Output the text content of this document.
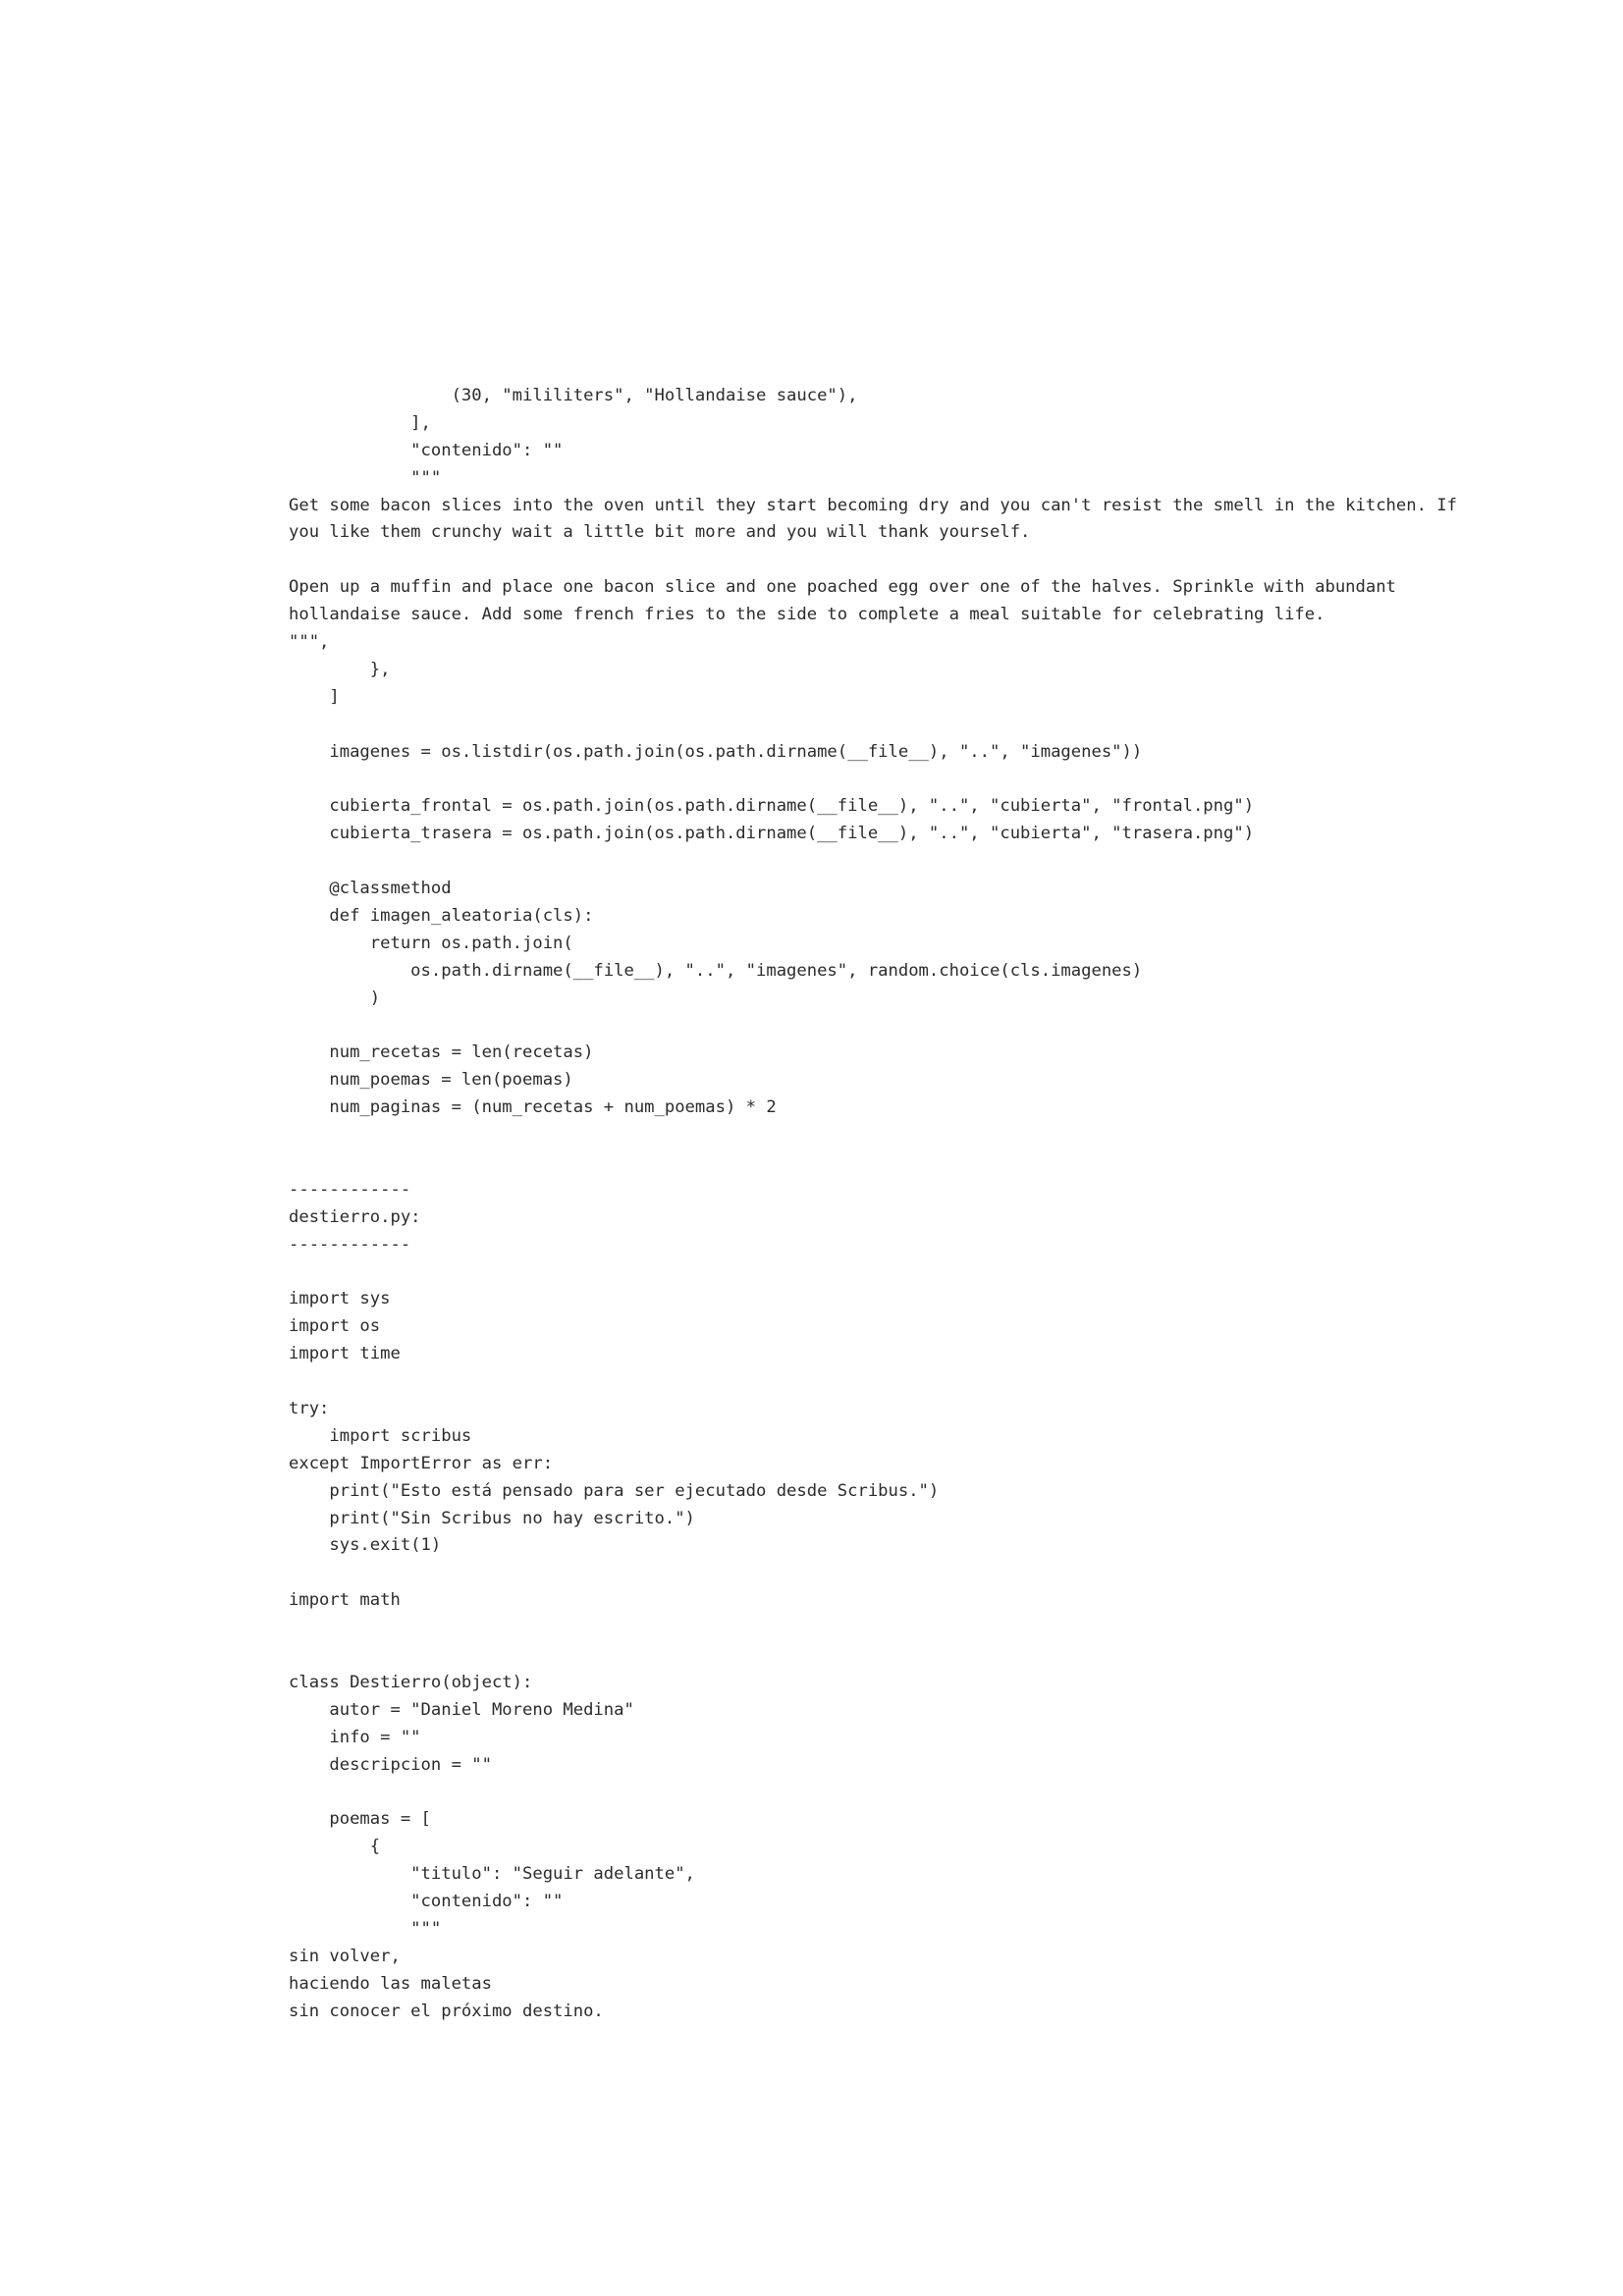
(30, "mililiters", "Hollandaise sauce"),
],
"contenido": ""
"""
Get some bacon slices into the oven until they start becoming dry and you can't resist the smell in the kitchen. If
you like them crunchy wait a little bit more and you will thank yourself.
Open up a muffin and place one bacon slice and one poached egg over one of the halves. Sprinkle with abundant
hollandaise sauce. Add some french fries to the side to complete a meal suitable for celebrating life.
""",
},
]
imagenes = os.listdir(os.path.join(os.path.dirname(__file__), "..", "imagenes"))
cubierta_frontal = os.path.join(os.path.dirname(__file__), "..", "cubierta", "frontal.png")
cubierta_trasera = os.path.join(os.path.dirname(__file__), "..", "cubierta", "trasera.png")
@classmethod
def imagen_aleatoria(cls):
return os.path.join(
os.path.dirname(__file__), "..", "imagenes", random.choice(cls.imagenes)
)
num_recetas = len(recetas)
num_poemas = len(poemas)
num_paginas = (num_recetas + num_poemas) * 2
------------
destierro.py:
------------
import sys
import os
import time
try:
import scribus
except ImportError as err:
print("Esto está pensado para ser ejecutado desde Scribus.")
print("Sin Scribus no hay escrito.")
sys.exit(1)
import math
class Destierro(object):
autor = "Daniel Moreno Medina"
info = ""
descripcion = ""
poemas = [
{
"titulo": "Seguir adelante",
"contenido": ""
"""
sin volver,
haciendo las maletas
sin conocer el próximo destino.
